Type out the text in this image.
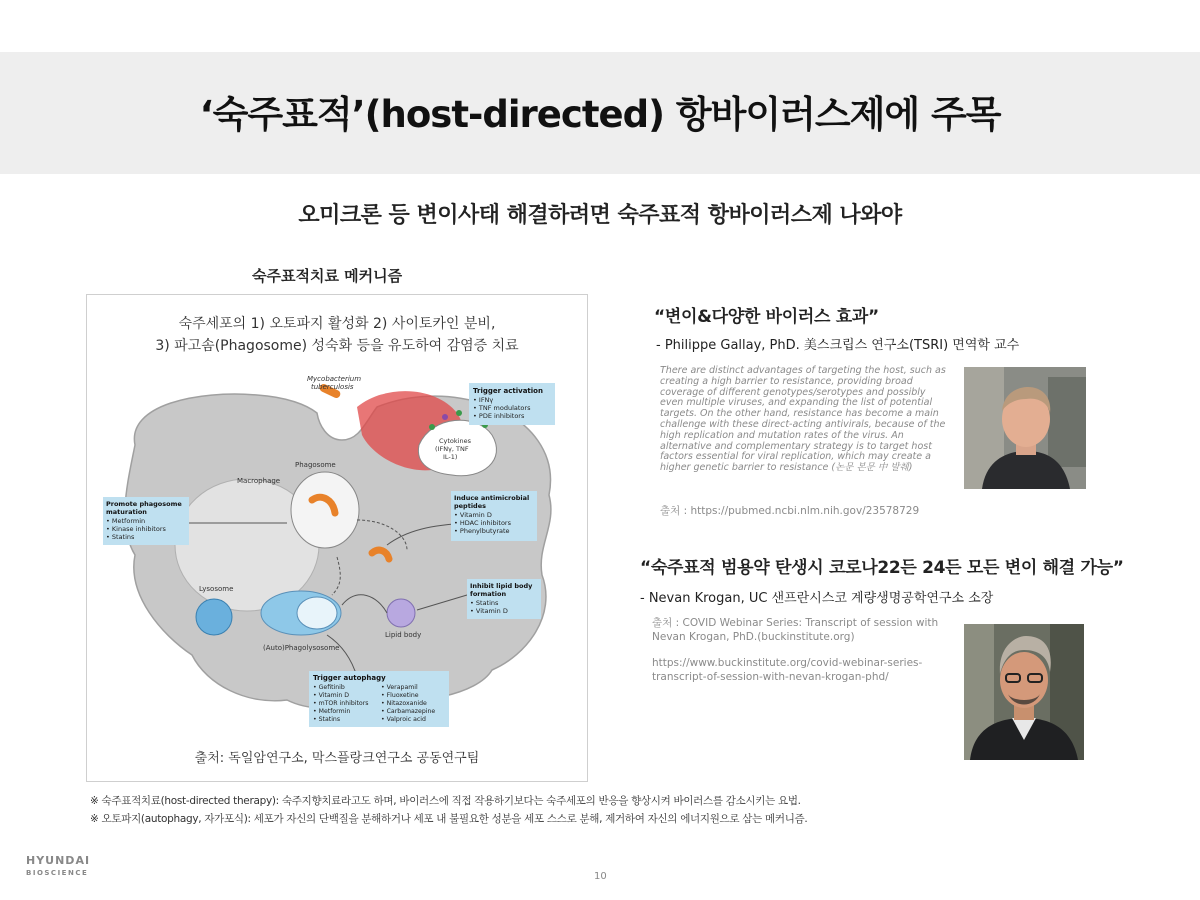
‘숙주표적’(host-directed) 항바이러스제에 주목
오미크론 등 변이사태 해결하려면 숙주표적 항바이러스제 나와야
숙주표적치료 메커니즘
Mycobacterium
tuberculosis
Macrophage
Phagosome
Lysosome
(Auto)Phagolysosome
Lipid body
Cytokines
(IFNγ, TNF
IL-1)
Trigger activation
• IFNγ
• TNF modulators
• PDE inhibitors
Promote phagosome
maturation
• Metformin
• Kinase inhibitors
• Statins
Induce antimicrobial
peptides
• Vitamin D
• HDAC inhibitors
• Phenylbutyrate
Inhibit lipid body
formation
• Statins
• Vitamin D
Trigger autophagy
• Gefitinib
• Vitamin D
• mTOR inhibitors
• Metformin
• Statins
• Verapamil
• Fluoxetine
• Nitazoxanide
• Carbamazepine
• Valproic acid
숙주세포의 1) 오토파지 활성화 2) 사이토카인 분비,
3) 파고솜(Phagosome) 성숙화 등을 유도하여 감염증 치료
출처: 독일암연구소, 막스플랑크연구소 공동연구팀
※ 숙주표적치료(host-directed therapy): 숙주지향치료라고도 하며, 바이러스에 직접 작용하기보다는 숙주세포의 반응을 향상시켜 바이러스를 감소시키는 요법.
※ 오토파지(autophagy, 자가포식): 세포가 자신의 단백질을 분해하거나 세포 내 불필요한 성분을 세포 스스로 분해, 제거하여 자신의 에너지원으로 삼는 메커니즘.
“변이&다양한 바이러스 효과”
- Philippe Gallay, PhD. 美스크립스 연구소(TSRI) 면역학 교수
There are distinct advantages of targeting the host, such as creating a high barrier to resistance, providing broad coverage of different genotypes/serotypes and possibly even multiple viruses, and expanding the list of potential targets. On the other hand, resistance has become a main challenge with these direct-acting antivirals, because of the high replication and mutation rates of the virus. An alternative and complementary strategy is to target host factors essential for viral replication, which may create a higher genetic barrier to resistance (논문 본문 中 발췌)
출처 : https://pubmed.ncbi.nlm.nih.gov/23578729
“숙주표적 범용약 탄생시 코로나22든 24든 모든 변이 해결 가능”
- Nevan Krogan, UC 샌프란시스코 계량생명공학연구소 소장
출처 : COVID Webinar Series: Transcript of session with
Nevan Krogan, PhD.(buckinstitute.org)
https://www.buckinstitute.org/covid-webinar-series-
transcript-of-session-with-nevan-krogan-phd/
HYUNDAI
BIOSCIENCE	10
